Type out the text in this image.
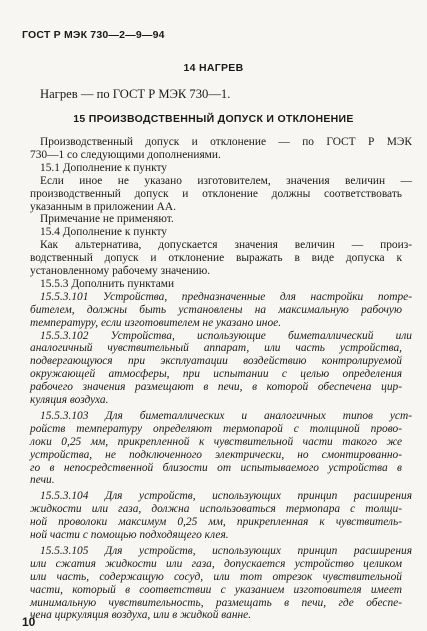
ГОСТ Р МЭК 730—2—9—94
14 НАГРЕВ
Нагрев — по ГОСТ Р МЭК 730—1.
15 ПРОИЗВОДСТВЕННЫЙ ДОПУСК И ОТКЛОНЕНИЕ
Производственный допуск и отклонение — по ГОСТ Р МЭК
730—1 со следующими дополнениями.
15.1 Дополнение к пункту
Если иное не указано изготовителем, значения величин —
производственный допуск и отклонение должны соответствовать
указанным в приложении АА.
Примечание не применяют.
15.4 Дополнение к пункту
Как альтернатива, допускается значения величин — произ-
водственный допуск и отклонение выражать в виде допуска к
установленному рабочему значению.
15.5.3 Дополнить пунктами
15.5.3.101 Устройства, предназначенные для настройки потре-
бителем, должны быть установлены на максимальную рабочую
температуру, если изготовителем не указано иное.
15.5.3.102 Устройства, использующие биметаллический или
аналогичный чувствительный аппарат, или часть устройства,
подвергающуюся при эксплуатации воздействию контролируемой
окружающей атмосферы, при испытании с целью определения
рабочего значения размещают в печи, в которой обеспечена цир-
куляция воздуха.
15.5.3.103 Для биметаллических и аналогичных типов уст-
ройств температуру определяют термопарой с толщиной прово-
локи 0,25 мм, прикрепленной к чувствительной части такого же
устройства, не подключенного электрически, но смонтированно-
го в непосредственной близости от испытываемого устройства в
печи.
15.5.3.104 Для устройств, использующих принцип расширения
жидкости или газа, должна использоваться термопара с толщи-
ной проволоки максимум 0,25 мм, прикрепленная к чувствитель-
ной части с помощью подходящего клея.
15.5.3.105 Для устройств, использующих принцип расширения
или сжатия жидкости или газа, допускается устройство целиком
или часть, содержащую сосуд, или тот отрезок чувствительной
части, который в соответствии с указанием изготовителя имеет
минимальную чувствительность, размещать в печи, где обеспе-
чена циркуляция воздуха, или в жидкой ванне.
10
